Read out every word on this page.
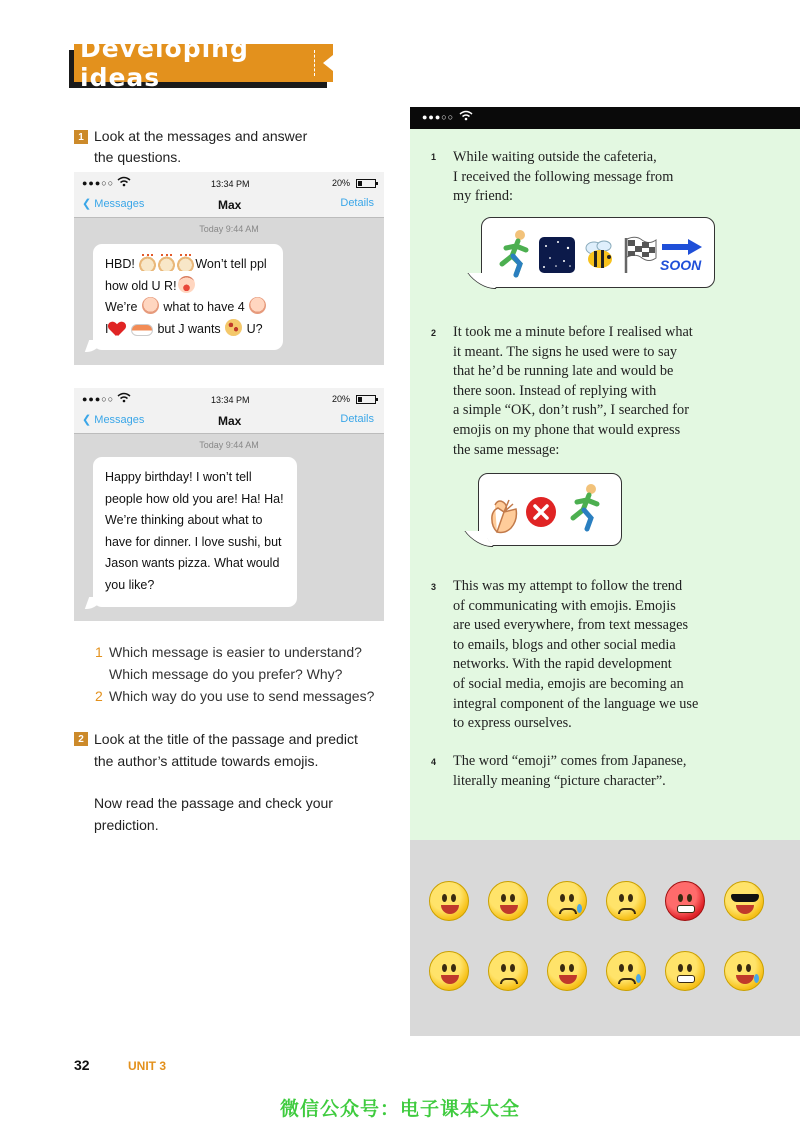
Developing ideas
1 Look at the messages and answer
the questions.
●●●○○	13:34 PM	20%
❮ Messages	Max	Details
Today 9:44 AM
HBD!	Won’t tell ppl
how old U R!
We’re what to have 4
I	but J wants U?
●●●○○	13:34 PM	20%
❮ Messages	Max	Details
Today 9:44 AM
Happy birthday! I won’t tell
people how old you are! Ha! Ha!
We’re thinking about what to
have for dinner. I love sushi, but
Jason wants pizza. What would
you like?
1 Which message is easier to understand?
Which message do you prefer? Why?
2 Which way do you use to send messages?
2 Look at the title of the passage and predict
the author’s attitude towards emojis.
Now read the passage and check your
prediction.
●●●○○
1 While waiting outside the cafeteria,
I received the following message from
my friend:
SOON
2 It took me a minute before I realised what
it meant. The signs he used were to say
that he’d be running late and would be
there soon. Instead of replying with
a simple “OK, don’t rush”, I searched for
emojis on my phone that would express
the same message:
3 This was my attempt to follow the trend
of communicating with emojis. Emojis
are used everywhere, from text messages
to emails, blogs and other social media
networks. With the rapid development
of social media, emojis are becoming an
integral component of the language we use
to express ourselves.
4 The word “emoji” comes from Japanese,
literally meaning “picture character”.
32	UNIT 3
微信公众号：电子课本大全
